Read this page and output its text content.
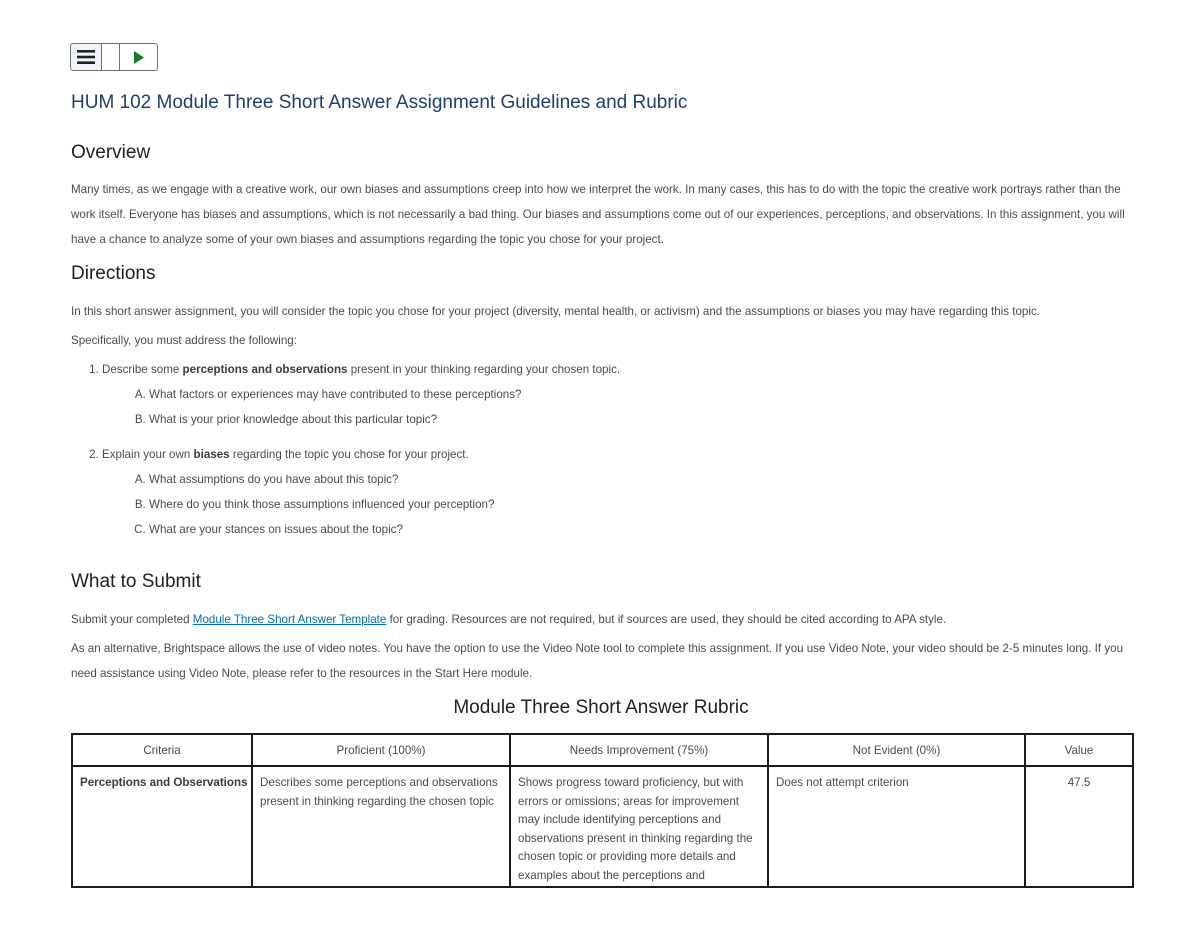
HUM 102 Module Three Short Answer Assignment Guidelines and Rubric
Overview

Many times, as we engage with a creative work, our own biases and assumptions creep into how we interpret the work. In many cases, this has to do with the topic the creative work portrays rather than the work itself. Everyone has biases and assumptions, which is not necessarily a bad thing. Our biases and assumptions come out of our experiences, perceptions, and observations. In this assignment, you will have a chance to analyze some of your own biases and assumptions regarding the topic you chose for your project.

Directions

In this short answer assignment, you will consider the topic you chose for your project (diversity, mental health, or activism) and the assumptions or biases you may have regarding this topic.

Specifically, you must address the following:

1. Describe some perceptions and observations present in your thinking regarding your chosen topic.
A. What factors or experiences may have contributed to these perceptions?
B. What is your prior knowledge about this particular topic?
2. Explain your own biases regarding the topic you chose for your project.
A. What assumptions do you have about this topic?
B. Where do you think those assumptions influenced your perception?
C. What are your stances on issues about the topic?
What to Submit

Submit your completed Module Three Short Answer Template for grading. Resources are not required, but if sources are used, they should be cited according to APA style.

As an alternative, Brightspace allows the use of video notes. You have the option to use the Video Note tool to complete this assignment. If you use Video Note, your video should be 2-5 minutes long. If you need assistance using Video Note, please refer to the resources in the Start Here module.

Module Three Short Answer Rubric
Criteria	Proficient (100%)	Needs Improvement (75%)	Not Evident (0%)	Value
Perceptions and Observations	Describes some perceptions and observations present in thinking regarding the chosen topic	Shows progress toward proficiency, but with errors or omissions; areas for improvement may include identifying perceptions and observations present in thinking regarding the chosen topic or providing more details and examples about the perceptions and	Does not attempt criterion	47.5
